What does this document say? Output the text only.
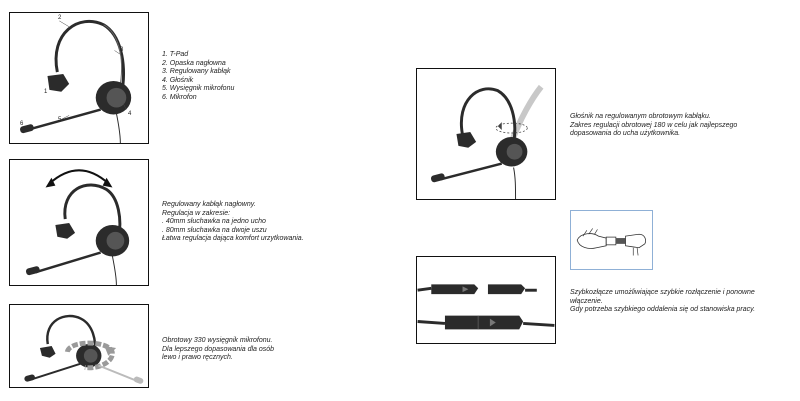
1
2
3
4
5
6
1. T-Pad
2. Opaska nagłowna
3. Regulowany kabłąk
4. Głośnik
5. Wysięgnik mikrofonu
6. Mikrofon
Regulowany kabłąk nagłowny.
Regulacja w zakresie:
. 40mm słuchawka na jedno ucho
. 80mm słuchawka na dwoje uszu
Łatwa regulacja dająca komfort urzytkowania.
Obrotowy 330 wysięgnik mikrofonu.
Dla lepszego dopasowania dla osób
lewo i prawo ręcznych.
Głośnik na regulowanym obrotowym kabłąku.
Zakres regulacji obrotowej 180 w celu jak najlepszego
dopasowania do ucha użytkownika.
Szybkozłącze umożliwiające szybkie rozłączenie i ponowne
włączenie.
Gdy potrzeba szybkiego oddalenia się od stanowiska pracy.
